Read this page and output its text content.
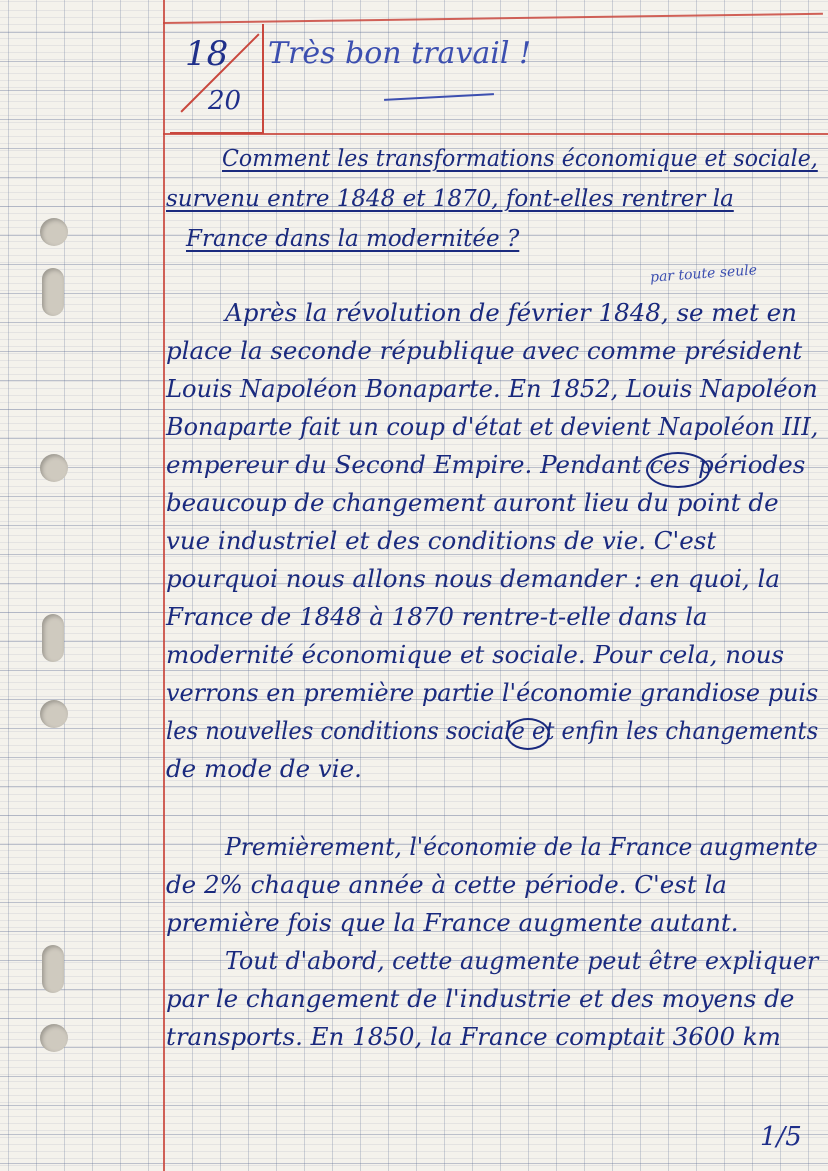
18
20
Très bon travail !
Comment les transformations économique et sociale,
survenu entre 1848 et 1870, font-elles rentrer la
France dans la modernitée ?
par toute seule
Après la révolution de février 1848, se met en
place la seconde république avec comme président
Louis Napoléon Bonaparte. En 1852, Louis Napoléon
Bonaparte fait un coup d'état et devient Napoléon III,
empereur du Second Empire. Pendant ces périodes
beaucoup de changement auront lieu du point de
vue industriel et des conditions de vie. C'est
pourquoi nous allons nous demander : en quoi, la
France de 1848 à 1870 rentre-t-elle dans la
modernité économique et sociale. Pour cela, nous
verrons en première partie l'économie grandiose puis
les nouvelles conditions sociale et enfin les changements
de mode de vie.
Premièrement, l'économie de la France augmente
de 2% chaque année à cette période. C'est la
première fois que la France augmente autant.
Tout d'abord, cette augmente peut être expliquer
par le changement de l'industrie et des moyens de
transports. En 1850, la France comptait 3600 km
1/5
